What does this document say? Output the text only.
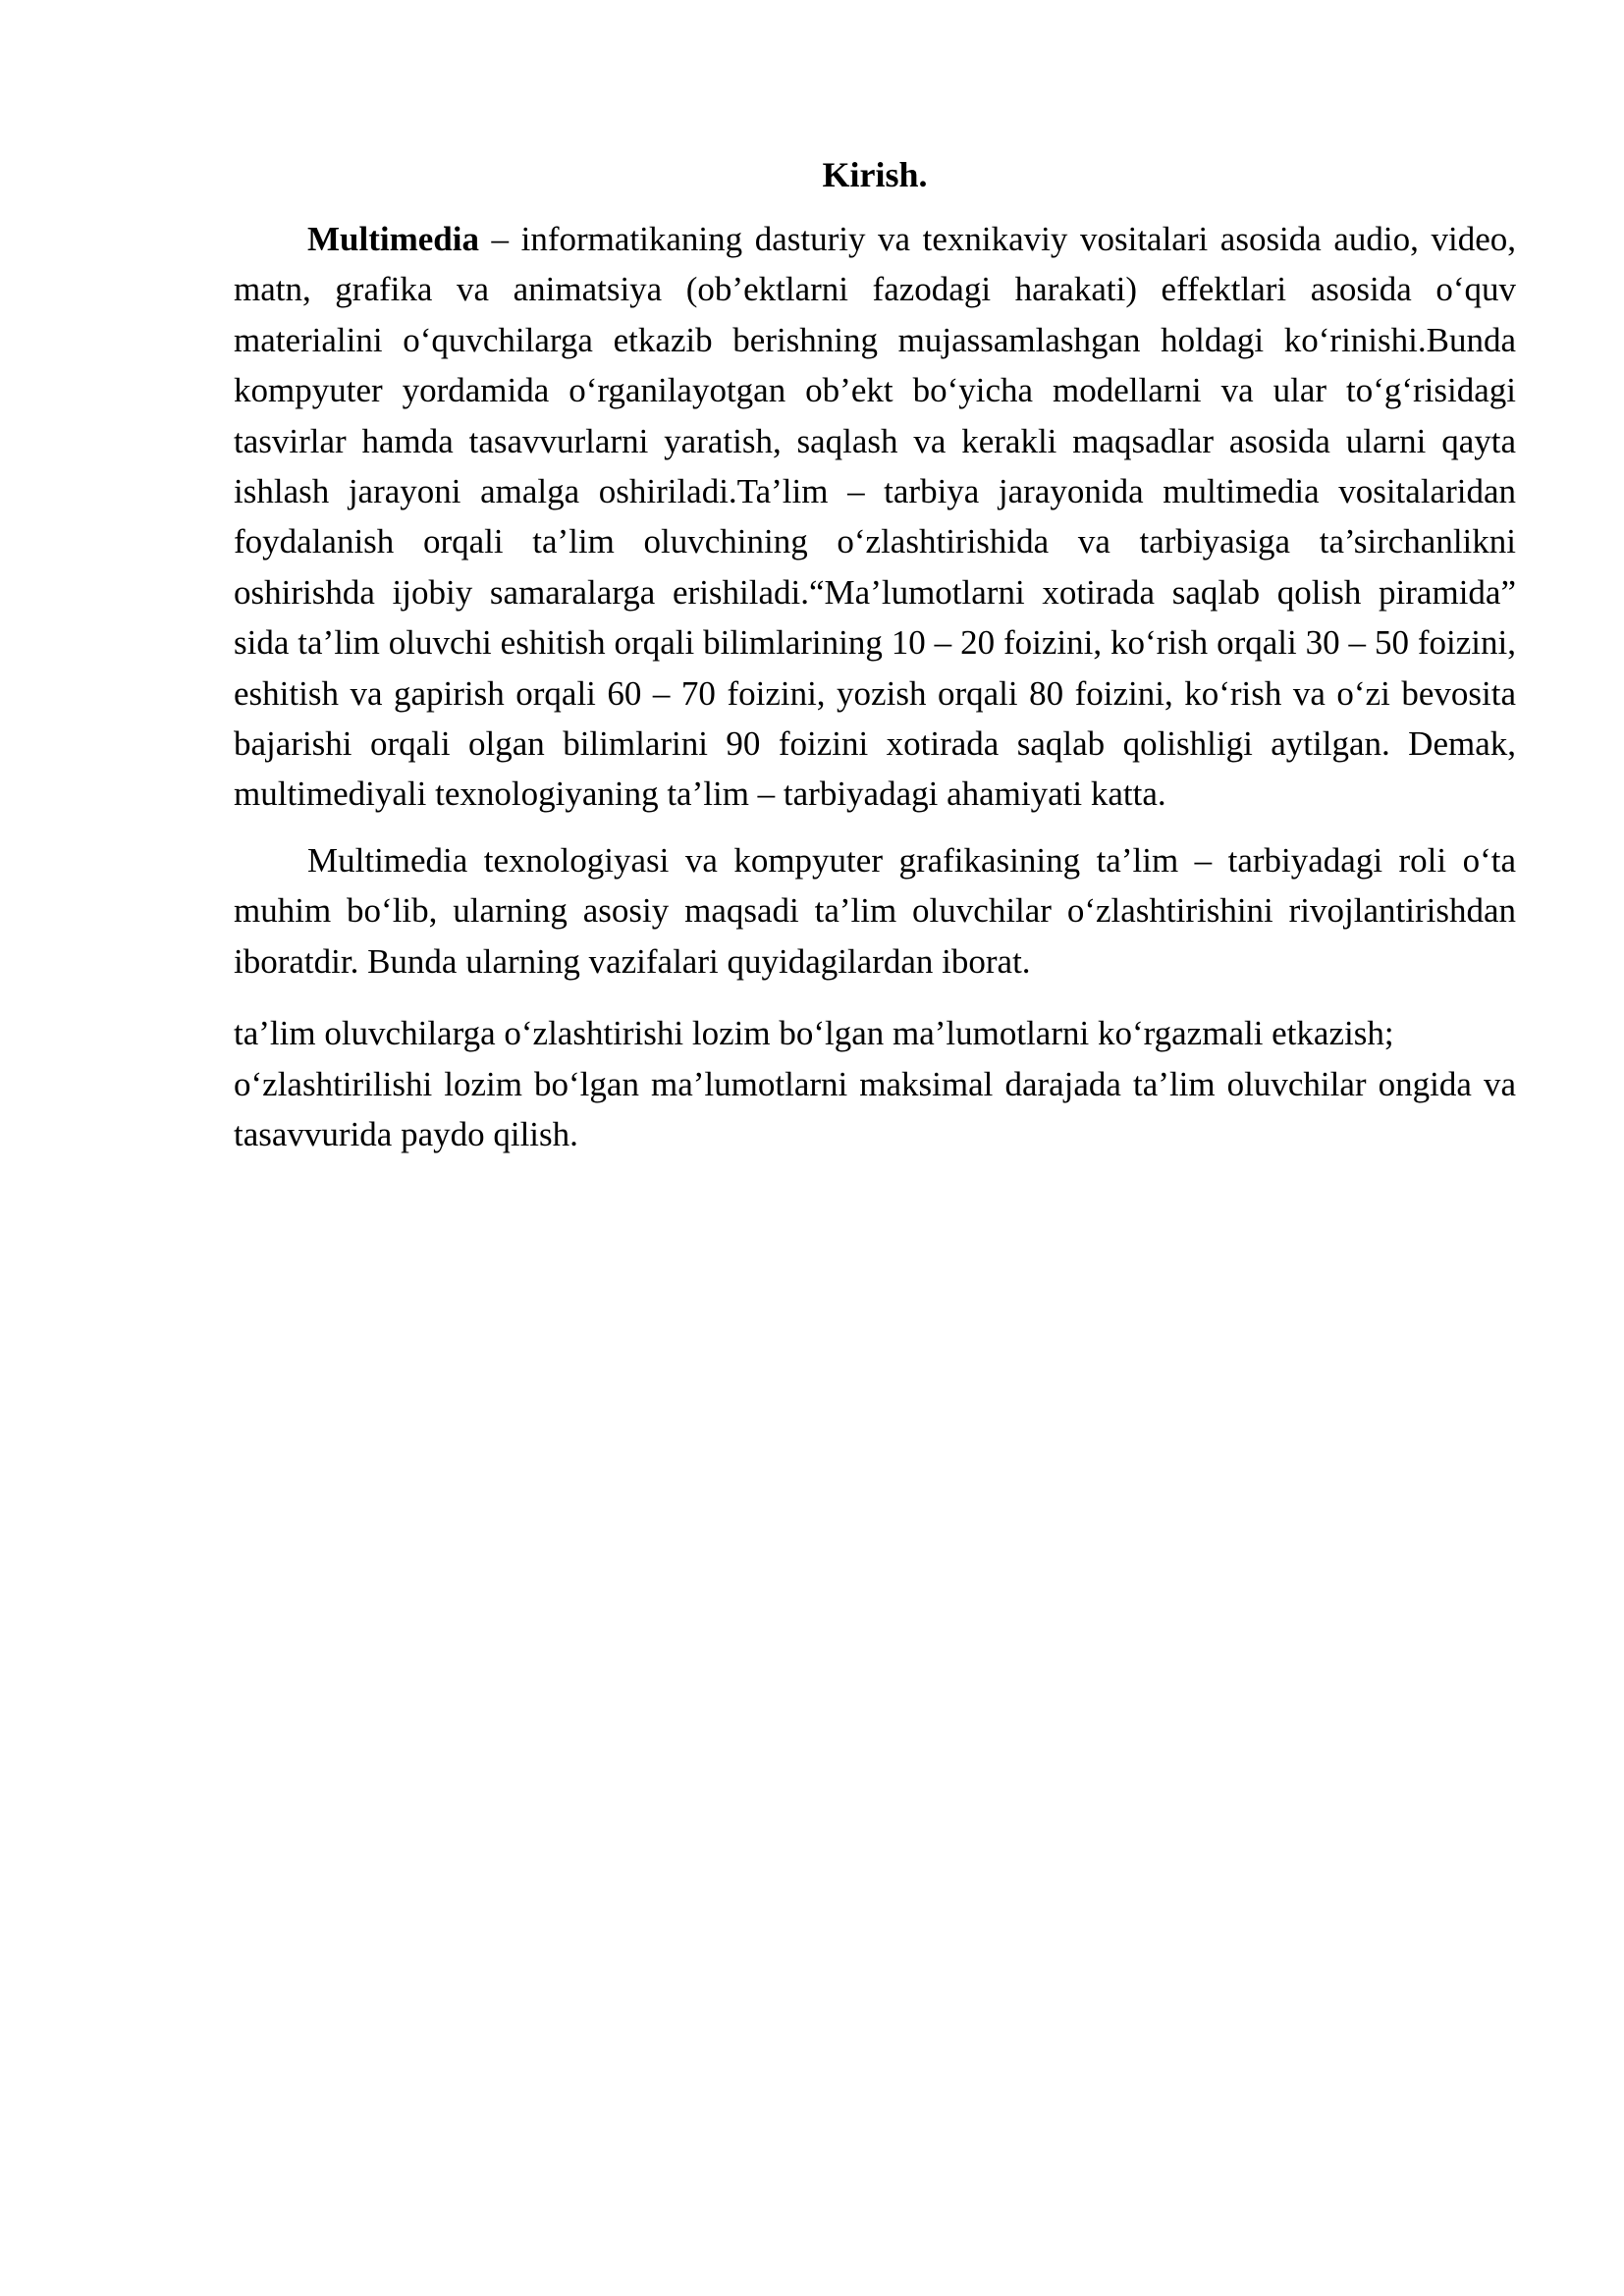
Kirish.

Multimedia – informatikaning dasturiy va texnikaviy vositalari asosida audio, video, matn, grafika va animatsiya (ob’ektlarni fazodagi harakati) effektlari asosida o‘quv materialini o‘quvchilarga etkazib berishning mujassamlashgan holdagi ko‘rinishi.Bunda kompyuter yordamida o‘rganilayotgan ob’ekt bo‘yicha modellarni va ular to‘g‘risidagi tasvirlar hamda tasavvurlarni yaratish, saqlash va kerakli maqsadlar asosida ularni qayta ishlash jarayoni amalga oshiriladi.Ta’lim – tarbiya jarayonida multimedia vositalaridan foydalanish orqali ta’lim oluvchining o‘zlashtirishida va tarbiyasiga ta’sirchanlikni oshirishda ijobiy samaralarga erishiladi.“Ma’lumotlarni xotirada saqlab qolish piramida” sida ta’lim oluvchi eshitish orqali bilimlarining 10 – 20 foizini, ko‘rish orqali 30 – 50 foizini, eshitish va gapirish orqali 60 – 70 foizini, yozish orqali 80 foizini, ko‘rish va o‘zi bevosita bajarishi orqali olgan bilimlarini 90 foizini xotirada saqlab qolishligi aytilgan. Demak, multimediyali texnologiyaning ta’lim – tarbiyadagi ahamiyati katta.

Multimedia texnologiyasi va kompyuter grafikasining ta’lim – tarbiyadagi roli o‘ta muhim bo‘lib, ularning asosiy maqsadi ta’lim oluvchilar o‘zlashtirishini rivojlantirishdan iboratdir. Bunda ularning vazifalari quyidagilardan iborat.

ta’lim oluvchilarga o‘zlashtirishi lozim bo‘lgan ma’lumotlarni ko‘rgazmali etkazish;

o‘zlashtirilishi lozim bo‘lgan ma’lumotlarni maksimal darajada ta’lim oluvchilar ongida va tasavvurida paydo qilish.
